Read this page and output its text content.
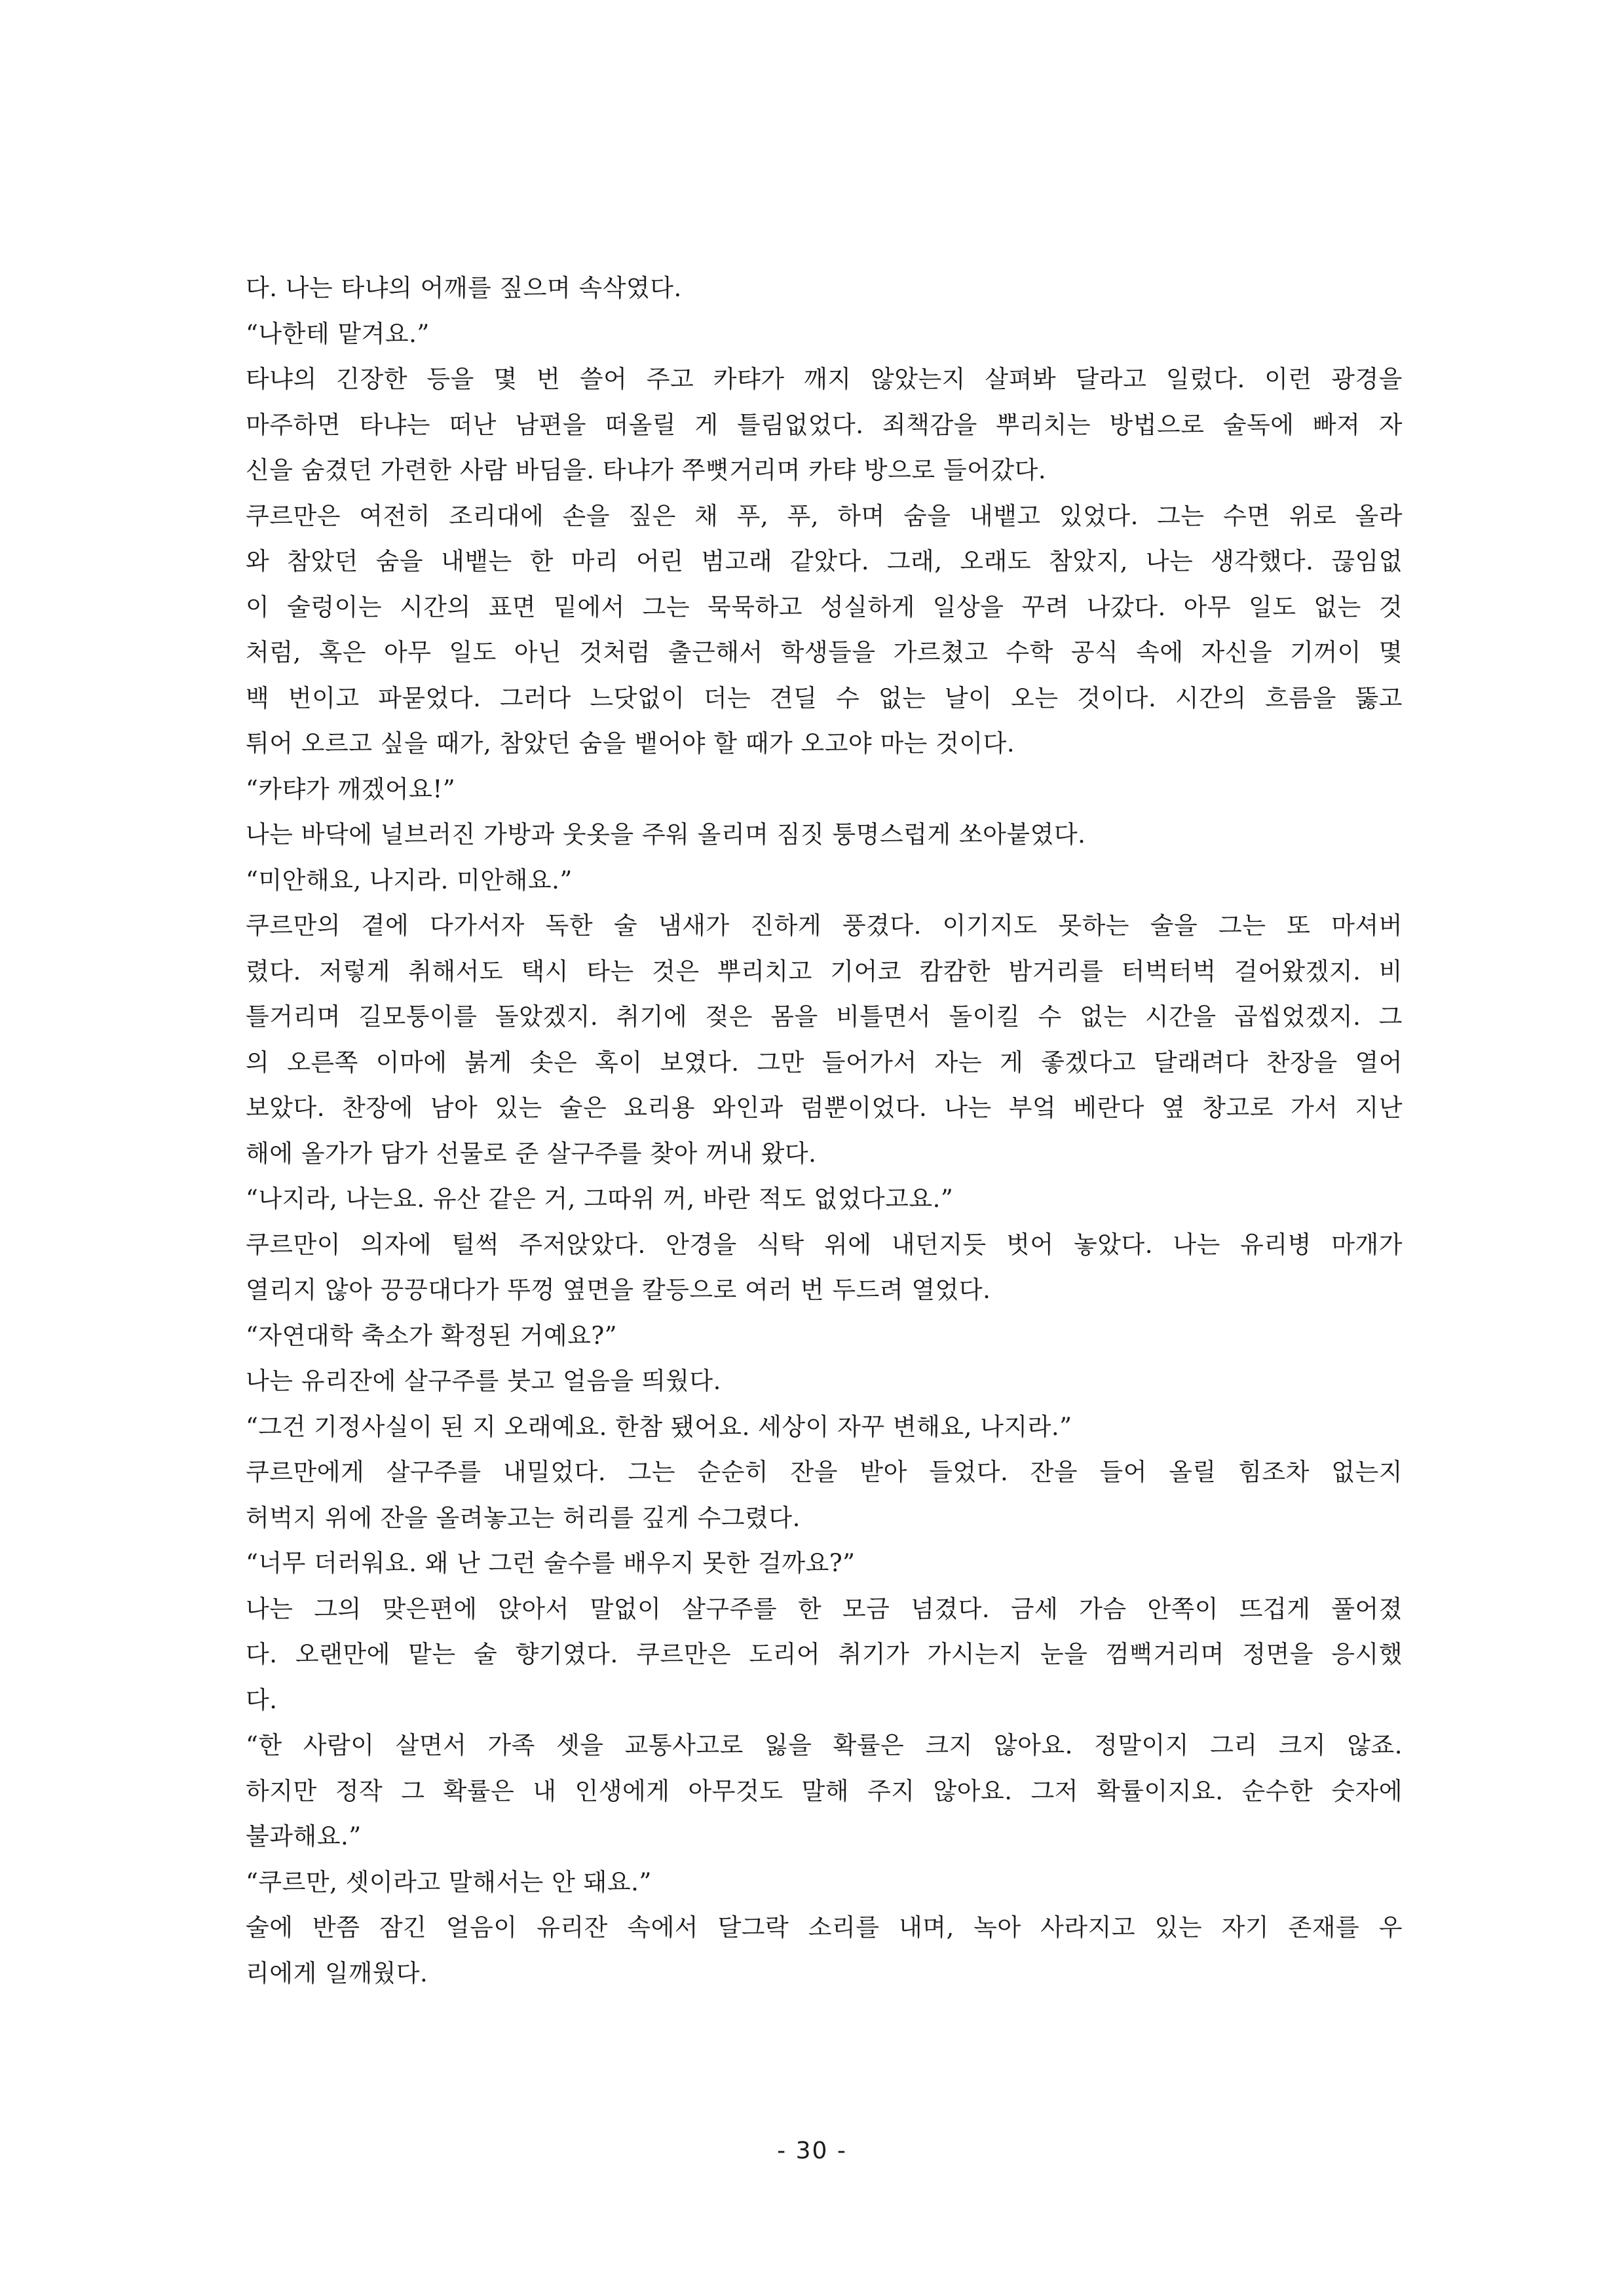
다. 나는 타냐의 어깨를 짚으며 속삭였다.
“나한테 맡겨요.”
타냐의 긴장한 등을 몇 번 쓸어 주고 카탸가 깨지 않았는지 살펴봐 달라고 일렀다. 이런 광경을
마주하면 타냐는 떠난 남편을 떠올릴 게 틀림없었다. 죄책감을 뿌리치는 방법으로 술독에 빠져 자
신을 숨겼던 가련한 사람 바딤을. 타냐가 쭈뼛거리며 카탸 방으로 들어갔다.
쿠르만은 여전히 조리대에 손을 짚은 채 푸, 푸, 하며 숨을 내뱉고 있었다. 그는 수면 위로 올라
와 참았던 숨을 내뱉는 한 마리 어린 범고래 같았다. 그래, 오래도 참았지, 나는 생각했다. 끊임없
이 술렁이는 시간의 표면 밑에서 그는 묵묵하고 성실하게 일상을 꾸려 나갔다. 아무 일도 없는 것
처럼, 혹은 아무 일도 아닌 것처럼 출근해서 학생들을 가르쳤고 수학 공식 속에 자신을 기꺼이 몇
백 번이고 파묻었다. 그러다 느닷없이 더는 견딜 수 없는 날이 오는 것이다. 시간의 흐름을 뚫고
튀어 오르고 싶을 때가, 참았던 숨을 뱉어야 할 때가 오고야 마는 것이다.
“카탸가 깨겠어요!”
나는 바닥에 널브러진 가방과 웃옷을 주워 올리며 짐짓 퉁명스럽게 쏘아붙였다.
“미안해요, 나지라. 미안해요.”
쿠르만의 곁에 다가서자 독한 술 냄새가 진하게 풍겼다. 이기지도 못하는 술을 그는 또 마셔버
렸다. 저렇게 취해서도 택시 타는 것은 뿌리치고 기어코 캄캄한 밤거리를 터벅터벅 걸어왔겠지. 비
틀거리며 길모퉁이를 돌았겠지. 취기에 젖은 몸을 비틀면서 돌이킬 수 없는 시간을 곱씹었겠지. 그
의 오른쪽 이마에 붉게 솟은 혹이 보였다. 그만 들어가서 자는 게 좋겠다고 달래려다 찬장을 열어
보았다. 찬장에 남아 있는 술은 요리용 와인과 럼뿐이었다. 나는 부엌 베란다 옆 창고로 가서 지난
해에 올가가 담가 선물로 준 살구주를 찾아 꺼내 왔다.
“나지라, 나는요. 유산 같은 거, 그따위 꺼, 바란 적도 없었다고요.”
쿠르만이 의자에 털썩 주저앉았다. 안경을 식탁 위에 내던지듯 벗어 놓았다. 나는 유리병 마개가
열리지 않아 끙끙대다가 뚜껑 옆면을 칼등으로 여러 번 두드려 열었다.
“자연대학 축소가 확정된 거예요?”
나는 유리잔에 살구주를 붓고 얼음을 띄웠다.
“그건 기정사실이 된 지 오래예요. 한참 됐어요. 세상이 자꾸 변해요, 나지라.”
쿠르만에게 살구주를 내밀었다. 그는 순순히 잔을 받아 들었다. 잔을 들어 올릴 힘조차 없는지
허벅지 위에 잔을 올려놓고는 허리를 깊게 수그렸다.
“너무 더러워요. 왜 난 그런 술수를 배우지 못한 걸까요?”
나는 그의 맞은편에 앉아서 말없이 살구주를 한 모금 넘겼다. 금세 가슴 안쪽이 뜨겁게 풀어졌
다. 오랜만에 맡는 술 향기였다. 쿠르만은 도리어 취기가 가시는지 눈을 껌뻑거리며 정면을 응시했
다.
“한 사람이 살면서 가족 셋을 교통사고로 잃을 확률은 크지 않아요. 정말이지 그리 크지 않죠.
하지만 정작 그 확률은 내 인생에게 아무것도 말해 주지 않아요. 그저 확률이지요. 순수한 숫자에
불과해요.”
“쿠르만, 셋이라고 말해서는 안 돼요.”
술에 반쯤 잠긴 얼음이 유리잔 속에서 달그락 소리를 내며, 녹아 사라지고 있는 자기 존재를 우
리에게 일깨웠다.
- 30 -
